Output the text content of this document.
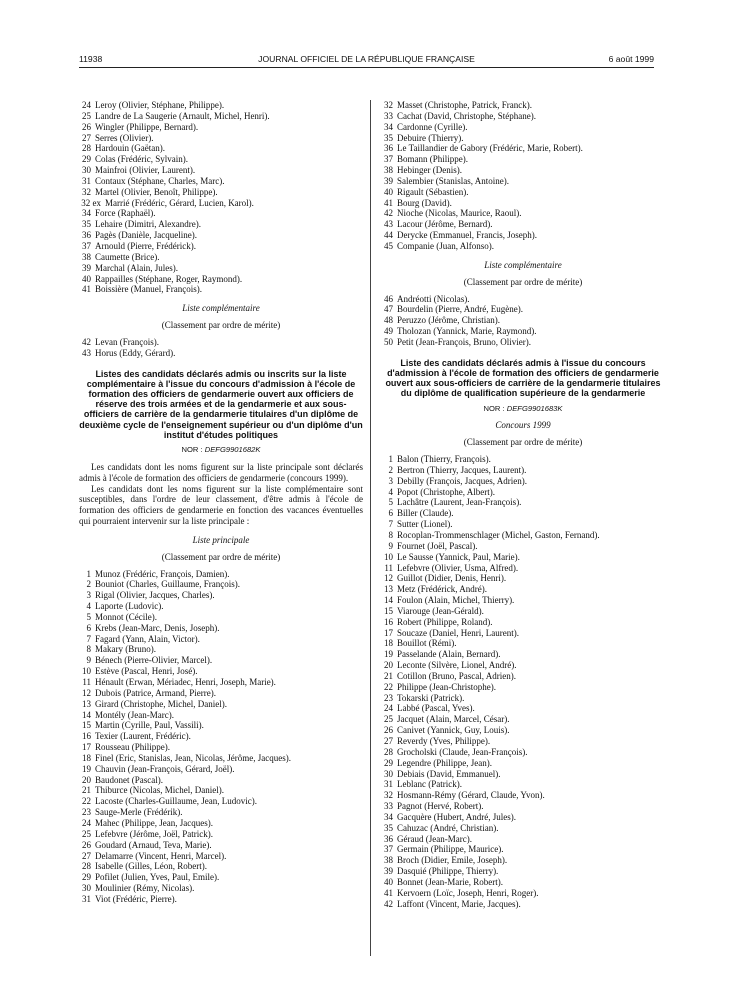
11938	JOURNAL OFFICIEL DE LA RÉPUBLIQUE FRANÇAISE	6 août 1999
24 Leroy (Olivier, Stéphane, Philippe).
25 Landre de La Saugerie (Arnault, Michel, Henri).
26 Wingler (Philippe, Bernard).
27 Serres (Olivier).
28 Hardouin (Gaëtan).
29 Colas (Frédéric, Sylvain).
30 Mainfroi (Olivier, Laurent).
31 Contaux (Stéphane, Charles, Marc).
32 Martel (Olivier, Benoît, Philippe).
32 ex Marrié (Frédéric, Gérard, Lucien, Karol).
34 Force (Raphaël).
35 Lehaire (Dimitri, Alexandre).
36 Pagès (Danièle, Jacqueline).
37 Arnould (Pierre, Frédérick).
38 Caumette (Brice).
39 Marchal (Alain, Jules).
40 Rappailles (Stéphane, Roger, Raymond).
41 Boissière (Manuel, François).
Liste complémentaire
(Classement par ordre de mérite)
42 Levan (François).
43 Horus (Eddy, Gérard).
Listes des candidats déclarés admis ou inscrits sur la liste complémentaire à l'issue du concours d'admission à l'école de formation des officiers de gendarmerie ouvert aux officiers de réserve des trois armées et de la gendarmerie et aux sous-officiers de carrière de la gendarmerie titulaires d'un diplôme de deuxième cycle de l'enseignement supérieur ou d'un diplôme d'un institut d'études politiques
NOR : DEFG9901682K

Les candidats dont les noms figurent sur la liste principale sont déclarés admis à l'école de formation des officiers de gendarmerie (concours 1999).

Les candidats dont les noms figurent sur la liste complémentaire sont susceptibles, dans l'ordre de leur classement, d'être admis à l'école de formation des officiers de gendarmerie en fonction des vacances éventuelles qui pourraient intervenir sur la liste principale :

Liste principale
(Classement par ordre de mérite)
1 Munoz (Frédéric, François, Damien).
2 Bouniot (Charles, Guillaume, François).
3 Rigal (Olivier, Jacques, Charles).
4 Laporte (Ludovic).
5 Monnot (Cécile).
6 Krebs (Jean-Marc, Denis, Joseph).
7 Fagard (Yann, Alain, Victor).
8 Makary (Bruno).
9 Bénech (Pierre-Olivier, Marcel).
10 Estève (Pascal, Henri, José).
11 Hénault (Erwan, Mériadec, Henri, Joseph, Marie).
12 Dubois (Patrice, Armand, Pierre).
13 Girard (Christophe, Michel, Daniel).
14 Montély (Jean-Marc).
15 Martin (Cyrille, Paul, Vassili).
16 Texier (Laurent, Frédéric).
17 Rousseau (Philippe).
18 Finel (Eric, Stanislas, Jean, Nicolas, Jérôme, Jacques).
19 Chauvin (Jean-François, Gérard, Joël).
20 Baudonet (Pascal).
21 Thiburce (Nicolas, Michel, Daniel).
22 Lacoste (Charles-Guillaume, Jean, Ludovic).
23 Sauge-Merle (Frédérik).
24 Mahec (Philippe, Jean, Jacques).
25 Lefebvre (Jérôme, Joël, Patrick).
26 Goudard (Arnaud, Teva, Marie).
27 Delamarre (Vincent, Henri, Marcel).
28 Isabelle (Gilles, Léon, Robert).
29 Pofilet (Julien, Yves, Paul, Emile).
30 Moulinier (Rémy, Nicolas).
31 Viot (Frédéric, Pierre).
32 Masset (Christophe, Patrick, Franck).
33 Cachat (David, Christophe, Stéphane).
34 Cardonne (Cyrille).
35 Debuire (Thierry).
36 Le Taillandier de Gabory (Frédéric, Marie, Robert).
37 Bomann (Philippe).
38 Hebinger (Denis).
39 Salembier (Stanislas, Antoine).
40 Rigault (Sébastien).
41 Bourg (David).
42 Nioche (Nicolas, Maurice, Raoul).
43 Lacour (Jérôme, Bernard).
44 Derycke (Emmanuel, Francis, Joseph).
45 Companie (Juan, Alfonso).
Liste complémentaire
(Classement par ordre de mérite)
46 Andréotti (Nicolas).
47 Bourdelin (Pierre, André, Eugène).
48 Peruzzo (Jérôme, Christian).
49 Tholozan (Yannick, Marie, Raymond).
50 Petit (Jean-François, Bruno, Olivier).
Liste des candidats déclarés admis à l'issue du concours d'admission à l'école de formation des officiers de gendarmerie ouvert aux sous-officiers de carrière de la gendarmerie titulaires du diplôme de qualification supérieure de la gendarmerie
NOR : DEFG9901683K
Concours 1999
(Classement par ordre de mérite)
1 Balon (Thierry, François).
2 Bertron (Thierry, Jacques, Laurent).
3 Debilly (François, Jacques, Adrien).
4 Popot (Christophe, Albert).
5 Lachâtre (Laurent, Jean-François).
6 Biller (Claude).
7 Sutter (Lionel).
8 Rocoplan-Trommenschlager (Michel, Gaston, Fernand).
9 Fournet (Joël, Pascal).
10 Le Sausse (Yannick, Paul, Marie).
11 Lefebvre (Olivier, Usma, Alfred).
12 Guillot (Didier, Denis, Henri).
13 Metz (Frédérick, André).
14 Foulon (Alain, Michel, Thierry).
15 Viarouge (Jean-Gérald).
16 Robert (Philippe, Roland).
17 Soucaze (Daniel, Henri, Laurent).
18 Bouillot (Rémi).
19 Passelande (Alain, Bernard).
20 Leconte (Silvère, Lionel, André).
21 Cotillon (Bruno, Pascal, Adrien).
22 Philippe (Jean-Christophe).
23 Tokarski (Patrick).
24 Labbé (Pascal, Yves).
25 Jacquet (Alain, Marcel, César).
26 Canivet (Yannick, Guy, Louis).
27 Reverdy (Yves, Philippe).
28 Grocholski (Claude, Jean-François).
29 Legendre (Philippe, Jean).
30 Debiais (David, Emmanuel).
31 Leblanc (Patrick).
32 Hosmann-Rémy (Gérard, Claude, Yvon).
33 Pagnot (Hervé, Robert).
34 Gacquère (Hubert, André, Jules).
35 Cahuzac (André, Christian).
36 Géraud (Jean-Marc).
37 Germain (Philippe, Maurice).
38 Broch (Didier, Emile, Joseph).
39 Dasquié (Philippe, Thierry).
40 Bonnet (Jean-Marie, Robert).
41 Kervoern (Loïc, Joseph, Henri, Roger).
42 Laffont (Vincent, Marie, Jacques).
